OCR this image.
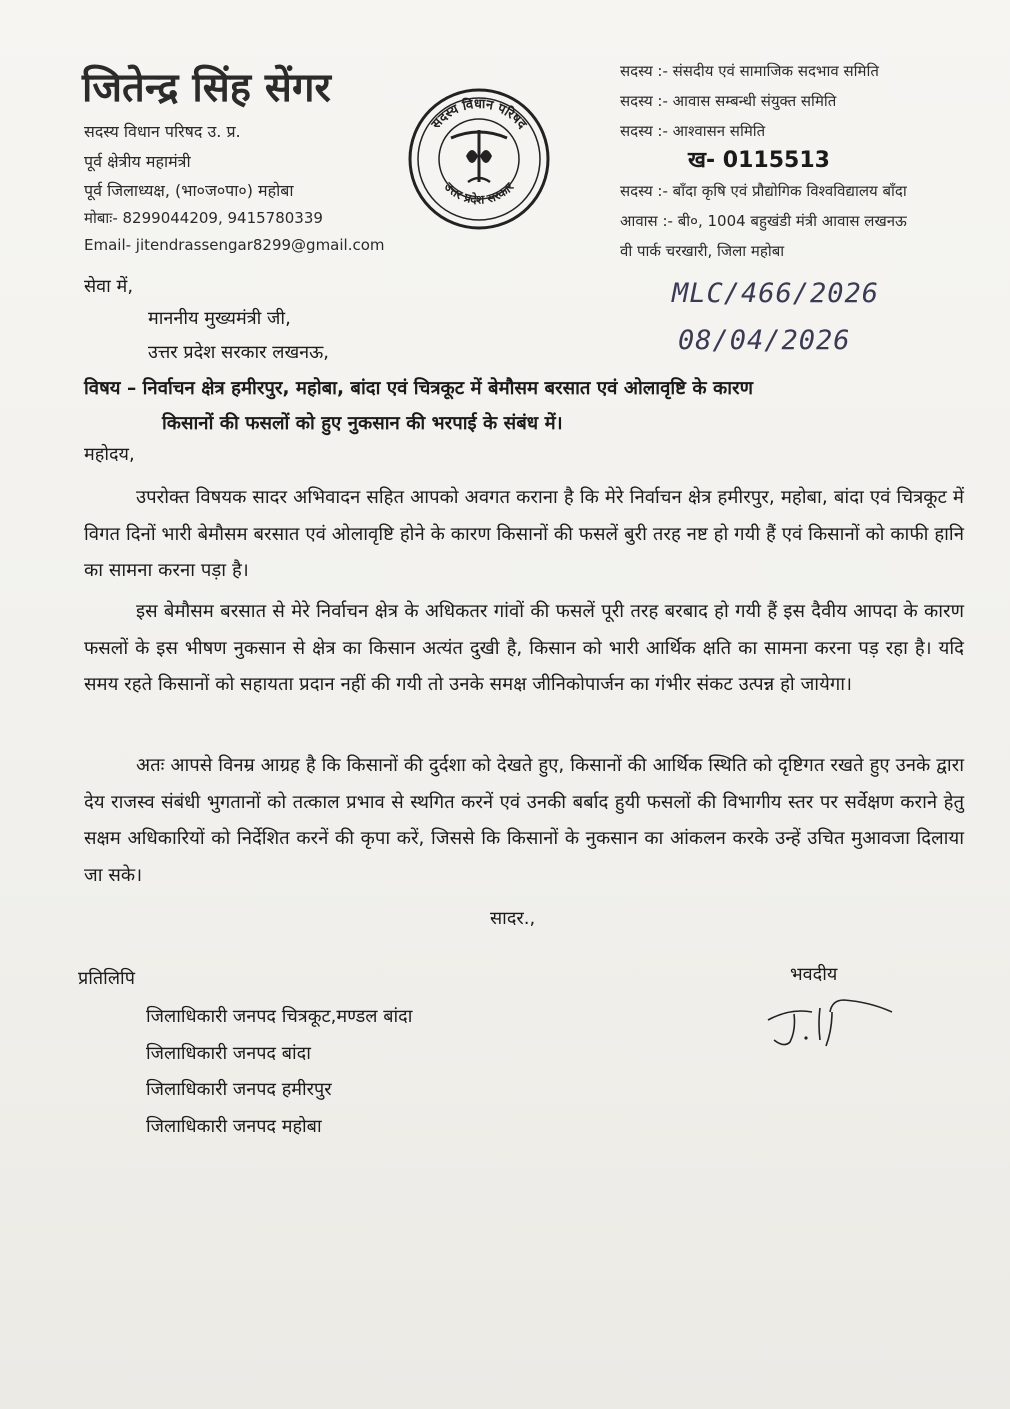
जितेन्द्र सिंह सेंगर
सदस्य विधान परिषद उ. प्र.
पूर्व क्षेत्रीय महामंत्री
पूर्व जिलाध्यक्ष, (भा०ज०पा०) महोबा
मोबाः- 8299044209, 9415780339
Email- jitendrassengar8299@gmail.com
सदस्य विधान परिषद
उत्तर प्रदेश सरकार
सदस्य :- संसदीय एवं सामाजिक सदभाव समिति
सदस्य :- आवास सम्बन्धी संयुक्त समिति
सदस्य :- आश्वासन समिति
ख- 0115513
सदस्य :- बाँदा कृषि एवं प्रौद्योगिक विश्वविद्यालय बाँदा
आवास :- बी०, 1004 बहुखंडी मंत्री आवास लखनऊ
वी पार्क चरखारी, जिला महोबा
MLC/466/2026
08/04/2026
सेवा में,
माननीय मुख्यमंत्री जी,
उत्तर प्रदेश सरकार लखनऊ,
विषय – निर्वाचन क्षेत्र हमीरपुर, महोबा, बांदा एवं चित्रकूट में बेमौसम बरसात एवं ओलावृष्टि के कारण
किसानों की फसलों को हुए नुकसान की भरपाई के संबंध में।
महोदय,
उपरोक्त विषयक सादर अभिवादन सहित आपको अवगत कराना है कि मेरे निर्वाचन क्षेत्र हमीरपुर, महोबा, बांदा एवं चित्रकूट में विगत दिनों भारी बेमौसम बरसात एवं ओलावृष्टि होने के कारण किसानों की फसलें बुरी तरह नष्ट हो गयी हैं एवं किसानों को काफी हानि का सामना करना पड़ा है।
इस बेमौसम बरसात से मेरे निर्वाचन क्षेत्र के अधिकतर गांवों की फसलें पूरी तरह बरबाद हो गयी हैं इस दैवीय आपदा के कारण फसलों के इस भीषण नुकसान से क्षेत्र का किसान अत्यंत दुखी है, किसान को भारी आर्थिक क्षति का सामना करना पड़ रहा है। यदि समय रहते किसानों को सहायता प्रदान नहीं की गयी तो उनके समक्ष जीनिकोपार्जन का गंभीर संकट उत्पन्न हो जायेगा।
अतः आपसे विनम्र आग्रह है कि किसानों की दुर्दशा को देखते हुए, किसानों की आर्थिक स्थिति को दृष्टिगत रखते हुए उनके द्वारा देय राजस्व संबंधी भुगतानों को तत्काल प्रभाव से स्थगित करनें एवं उनकी बर्बाद हुयी फसलों की विभागीय स्तर पर सर्वेक्षण कराने हेतु सक्षम अधिकारियों को निर्देशित करनें की कृपा करें, जिससे कि किसानों के नुकसान का आंकलन करके उन्हें उचित मुआवजा दिलाया जा सके।
सादर.,
भवदीय
प्रतिलिपि
जिलाधिकारी जनपद चित्रकूट,मण्डल बांदा
जिलाधिकारी जनपद बांदा
जिलाधिकारी जनपद हमीरपुर
जिलाधिकारी जनपद महोबा
